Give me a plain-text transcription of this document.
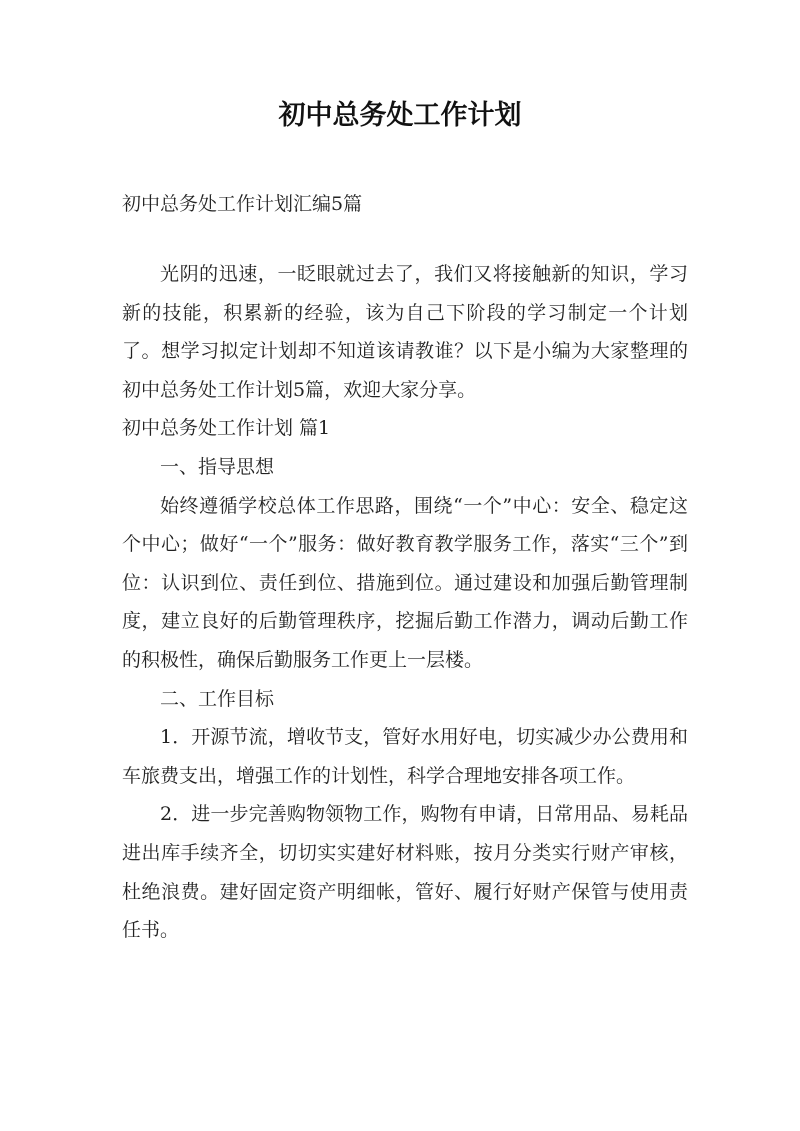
初中总务处工作计划
初中总务处工作计划汇编5篇

光阴的迅速，一眨眼就过去了，我们又将接触新的知识，学习新的技能，积累新的经验，该为自己下阶段的学习制定一个计划了。想学习拟定计划却不知道该请教谁？以下是小编为大家整理的初中总务处工作计划5篇，欢迎大家分享。

初中总务处工作计划 篇1

一、指导思想

始终遵循学校总体工作思路，围绕“一个”中心：安全、稳定这个中心；做好“一个”服务：做好教育教学服务工作，落实“三个”到位：认识到位、责任到位、措施到位。通过建设和加强后勤管理制度，建立良好的后勤管理秩序，挖掘后勤工作潜力，调动后勤工作的积极性，确保后勤服务工作更上一层楼。

二、工作目标

1．开源节流，增收节支，管好水用好电，切实减少办公费用和车旅费支出，增强工作的计划性，科学合理地安排各项工作。

2．进一步完善购物领物工作，购物有申请，日常用品、易耗品进出库手续齐全，切切实实建好材料账，按月分类实行财产审核，杜绝浪费。建好固定资产明细帐，管好、履行好财产保管与使用责任书。
